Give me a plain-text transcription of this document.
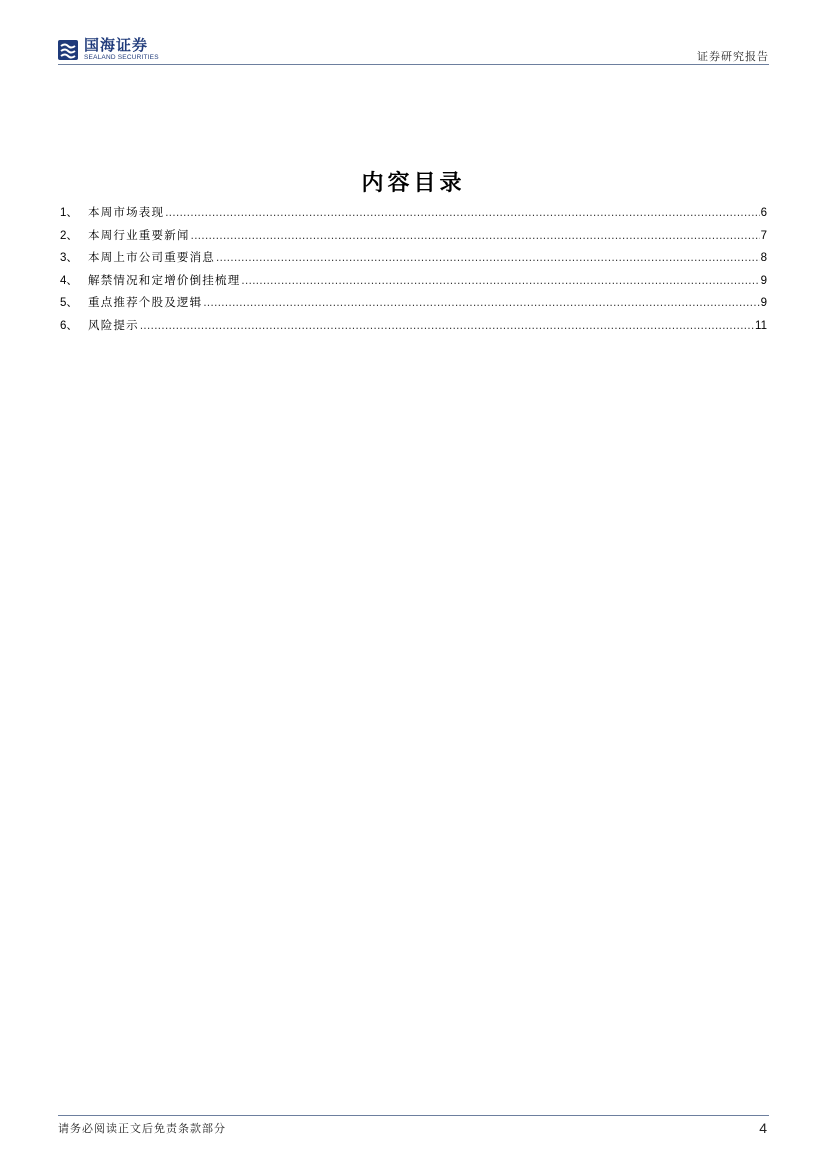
国海证券
SEALAND SECURITIES	证券研究报告
内容目录
1、 本周市场表现 .....	6
2、 本周行业重要新闻 .....	7
3、 本周上市公司重要消息 .....	8
4、 解禁情况和定增价倒挂梳理 .....	9
5、 重点推荐个股及逻辑 .....	9
6、 风险提示 .....	11
请务必阅读正文后免责条款部分	4
